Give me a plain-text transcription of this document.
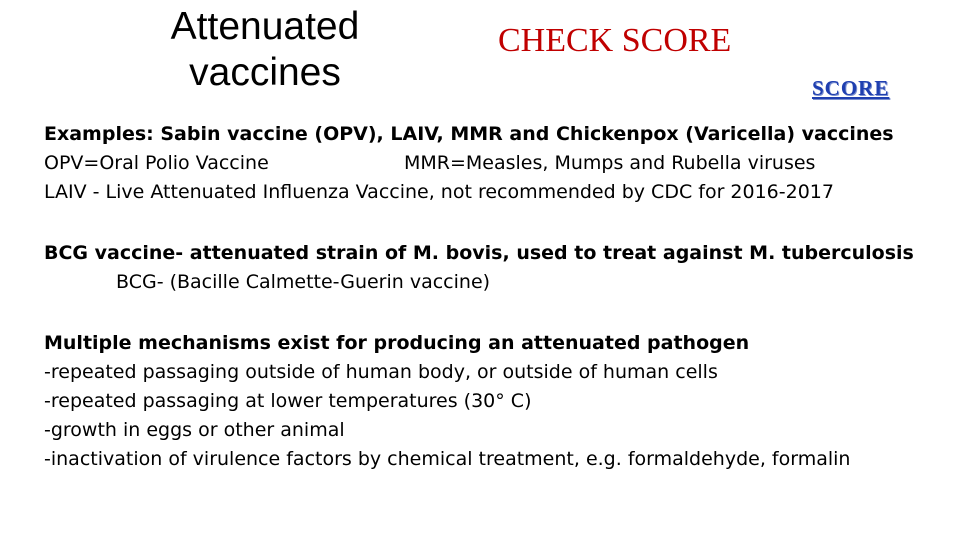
Attenuated
vaccines
CHECK SCORE
SCORE
Examples: Sabin vaccine (OPV), LAIV, MMR and Chickenpox (Varicella) vaccines
OPV=Oral Polio Vaccine	MMR=Measles, Mumps and Rubella viruses
LAIV - Live Attenuated Influenza Vaccine, not recommended by CDC for 2016-2017
BCG vaccine- attenuated strain of M. bovis, used to treat against M. tuberculosis
BCG- (Bacille Calmette-Guerin vaccine)
Multiple mechanisms exist for producing an attenuated pathogen
-repeated passaging outside of human body, or outside of human cells
-repeated passaging at lower temperatures (30° C)
-growth in eggs or other animal
-inactivation of virulence factors by chemical treatment, e.g. formaldehyde, formalin
